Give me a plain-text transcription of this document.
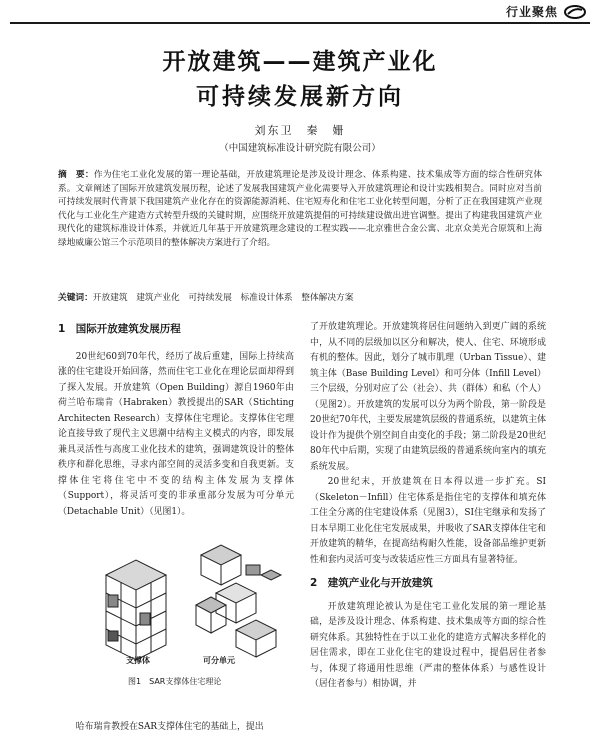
行业聚焦
开放建筑——建筑产业化
可持续发展新方向
刘东卫　秦　姗
（中国建筑标准设计研究院有限公司）
摘　要：作为住宅工业化发展的第一理论基础，开放建筑理论是涉及设计理念、体系构建、技术集成等方面的综合性研究体系。文章阐述了国际开放建筑发展历程，论述了发展我国建筑产业化需要导入开放建筑理论和设计实践相契合。同时应对当前可持续发展时代背景下我国建筑产业化存在的资源能源消耗、住宅短寿化和住宅工业化转型问题，分析了正在我国建筑产业现代化与工业化生产建造方式转型升级的关键时期，应围绕开放建筑提倡的可持续建设做出进官调整。提出了构建我国建筑产业现代化的建筑标准设计体系，并就近几年基于开放建筑理念建设的工程实践——北京雅世合金公寓、北京众美光合原筑和上海绿地威廉公馆三个示范项目的整体解决方案进行了介绍。
关键词：开放建筑　建筑产业化　可持续发展　标准设计体系　整体解决方案
1　国际开放建筑发展历程

20世纪60到70年代，经历了战后重建，国际上持续高涨的住宅建设开始回落，然而住宅工业化在理论层面却得到了探入发展。开放建筑（Open Building）源自1960年由荷兰哈布瑞肯（Habraken）教授提出的SAR（Stichting Architecten Research）支撑体住宅理论。支撑体住宅理论直接导致了现代主义思潮中结构主义模式的内容，即发展兼具灵活性与高度工业化技术的建筑，强调建筑设计的整体秩序和群化思维，寻求内部空间的灵活多变和自我更新。支撑体住宅将住宅中不变的结构主体发展为支撑体（Support），将灵活可变的非承重部分发展为可分单元（Detachable Unit）（见图1）。

支撑体	可分单元
图1　SAR支撑体住宅理论

哈布瑞肯教授在SAR支撑体住宅的基础上，提出

了开放建筑理论。开放建筑将居住问题纳入到更广阔的系统中，从不同的层级加以区分和解决，使人、住宅、环境形成有机的整体。因此，划分了城市肌理（Urban Tissue）、建筑主体（Base Building Level）和可分体（Infill Level）三个层级，分别对应了公（社会）、共（群体）和私（个人）（见图2）。开放建筑的发展可以分为两个阶段，第一阶段是20世纪70年代，主要发展建筑层级的普通系统，以建筑主体设计作为提供个别空间自由变化的手段；第二阶段是20世纪80年代中后期，实现了由建筑层级的普通系统向室内的填充系统发展。

20世纪末，开放建筑在日本得以进一步扩充。SI（Skeleton－Infill）住宅体系是指住宅的支撑体和填充体工住全分离的住宅建设体系（见图3），SI住宅继承和发扬了日本早期工业化住宅发展成果，并吸收了SAR支撑体住宅和开放建筑的精华，在提高结构耐久性能，设备部品维护更新性和套内灵活可变与改装适应性三方面具有显著特征。

2　建筑产业化与开放建筑

开放建筑理论被认为是住宅工业化发展的第一理论基础，是涉及设计理念、体系构建、技术集成等方面的综合性研究体系。其独特性在于以工业化的建造方式解决多样化的居住需求，即在工业化住宅的建设过程中，提倡居住者参与，体现了将通用性思维（严肃的整体体系）与感性设计（居住者参与）相协调，并
